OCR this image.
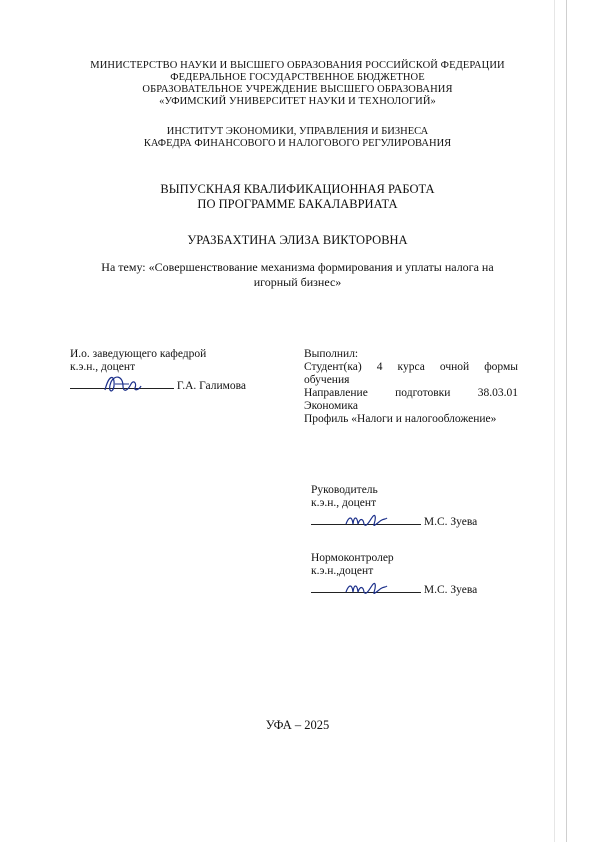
МИНИСТЕРСТВО НАУКИ И ВЫСШЕГО ОБРАЗОВАНИЯ РОССИЙСКОЙ ФЕДЕРАЦИИ
ФЕДЕРАЛЬНОЕ ГОСУДАРСТВЕННОЕ БЮДЖЕТНОЕ
ОБРАЗОВАТЕЛЬНОЕ УЧРЕЖДЕНИЕ ВЫСШЕГО ОБРАЗОВАНИЯ
«УФИМСКИЙ УНИВЕРСИТЕТ НАУКИ И ТЕХНОЛОГИЙ»
ИНСТИТУТ ЭКОНОМИКИ, УПРАВЛЕНИЯ И БИЗНЕСА
КАФЕДРА ФИНАНСОВОГО И НАЛОГОВОГО РЕГУЛИРОВАНИЯ
ВЫПУСКНАЯ КВАЛИФИКАЦИОННАЯ РАБОТА
ПО ПРОГРАММЕ БАКАЛАВРИАТА
УРАЗБАХТИНА ЭЛИЗА ВИКТОРОВНА
На тему: «Совершенствование механизма формирования и уплаты налога на
игорный бизнес»
И.о. заведующего кафедрой
к.э.н., доцент
Г.А. Галимова
Выполнил:
Студент(ка) 4 курса очной формы
обучения
Направление подготовки 38.03.01
Экономика
Профиль «Налоги и налогообложение»
Руководитель
к.э.н., доцент
М.С. Зуева
Нормоконтролер
к.э.н.,доцент
М.С. Зуева
УФА – 2025
